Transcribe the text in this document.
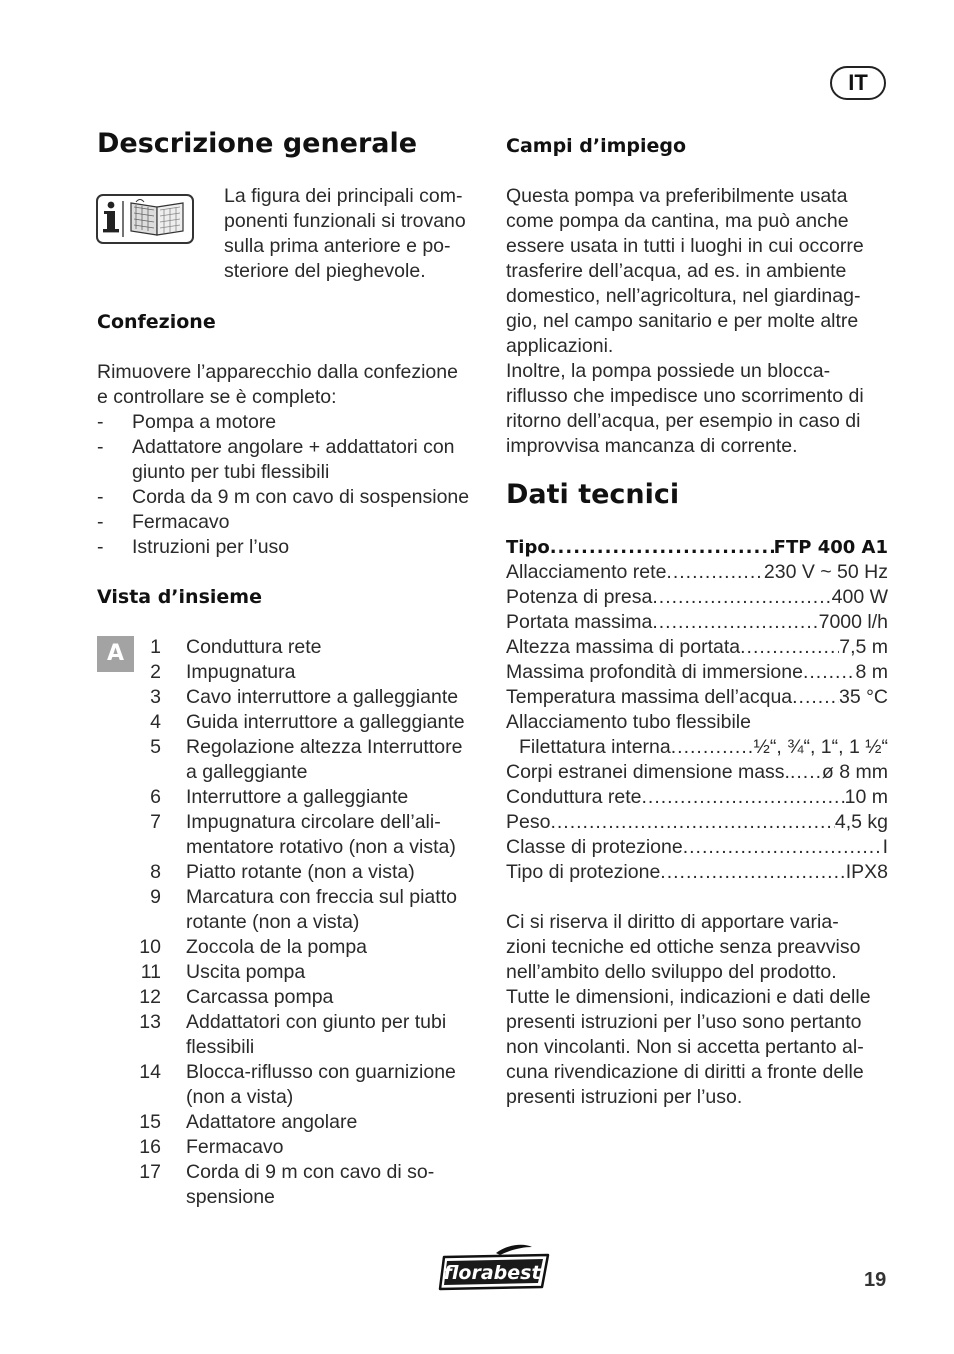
IT
Descrizione generale
La figura dei principali com-
ponenti funzionali si trovano
sulla prima anteriore e po-
steriore del pieghevole.
Confezione
Rimuovere l’apparecchio dalla confezione
e controllare se è completo:
-	Pompa a motore
-	Adattatore angolare + addattatori con
giunto per tubi flessibili
-	Corda da 9 m con cavo di sospensione
-	Fermacavo
-	Istruzioni per l’uso
Vista d’insieme
A	1 Conduttura rete
2 Impugnatura
3 Cavo interruttore a galleggiante
4 Guida interruttore a galleggiante
5 Regolazione altezza Interruttore
a galleggiante
6 Interruttore a galleggiante
7 Impugnatura circolare dell’ali-
mentatore rotativo (non a vista)
8 Piatto rotante (non a vista)
9 Marcatura con freccia sul piatto
rotante (non a vista)
10 Zoccola de la pompa
11 Uscita pompa
12 Carcassa pompa
13 Addattatori con giunto per tubi
flessibili
14 Blocca-riflusso con guarnizione
(non a vista)
15 Adattatore angolare
16 Fermacavo
17 Corda di 9 m con cavo di so-
spensione
Campi d’impiego
Questa pompa va preferibilmente usata
come pompa da cantina, ma può anche
essere usata in tutti i luoghi in cui occorre
trasferire dell’acqua, ad es. in ambiente
domestico, nell’agricoltura, nel giardinag-
gio, nel campo sanitario e per molte altre
applicazioni.
Inoltre, la pompa possiede un blocca-
riflusso che impedisce uno scorrimento di
ritorno dell’acqua, per esempio in caso di
improvvisa mancanza di corrente.
Dati tecnici
Tipo .....	FTP 400 A1
Allacciamento rete .....	230 V ~ 50 Hz
Potenza di presa .....	400 W
Portata massima .....	7000 l/h
Altezza massima di portata .....	7,5 m
Massima profondità di immersione .....	8 m
Temperatura massima dell’acqua ..... 35 °C
Allacciamento tubo flessibile
Filettatura interna .....	½“, ¾“, 1“, 1 ½“
Corpi estranei dimensione mass. ..... ø 8 mm
Conduttura rete .....	10 m
Peso .....	4,5 kg
Classe di protezione .....	I
Tipo di protezione .....	IPX8
Ci si riserva il diritto di apportare varia-
zioni tecniche ed ottiche senza preavviso
nell’ambito dello sviluppo del prodotto.
Tutte le dimensioni, indicazioni e dati delle
presenti istruzioni per l’uso sono pertanto
non vincolanti. Non si accetta pertanto al-
cuna rivendicazione di diritti a fronte delle
presenti istruzioni per l’uso.
florabest	19
